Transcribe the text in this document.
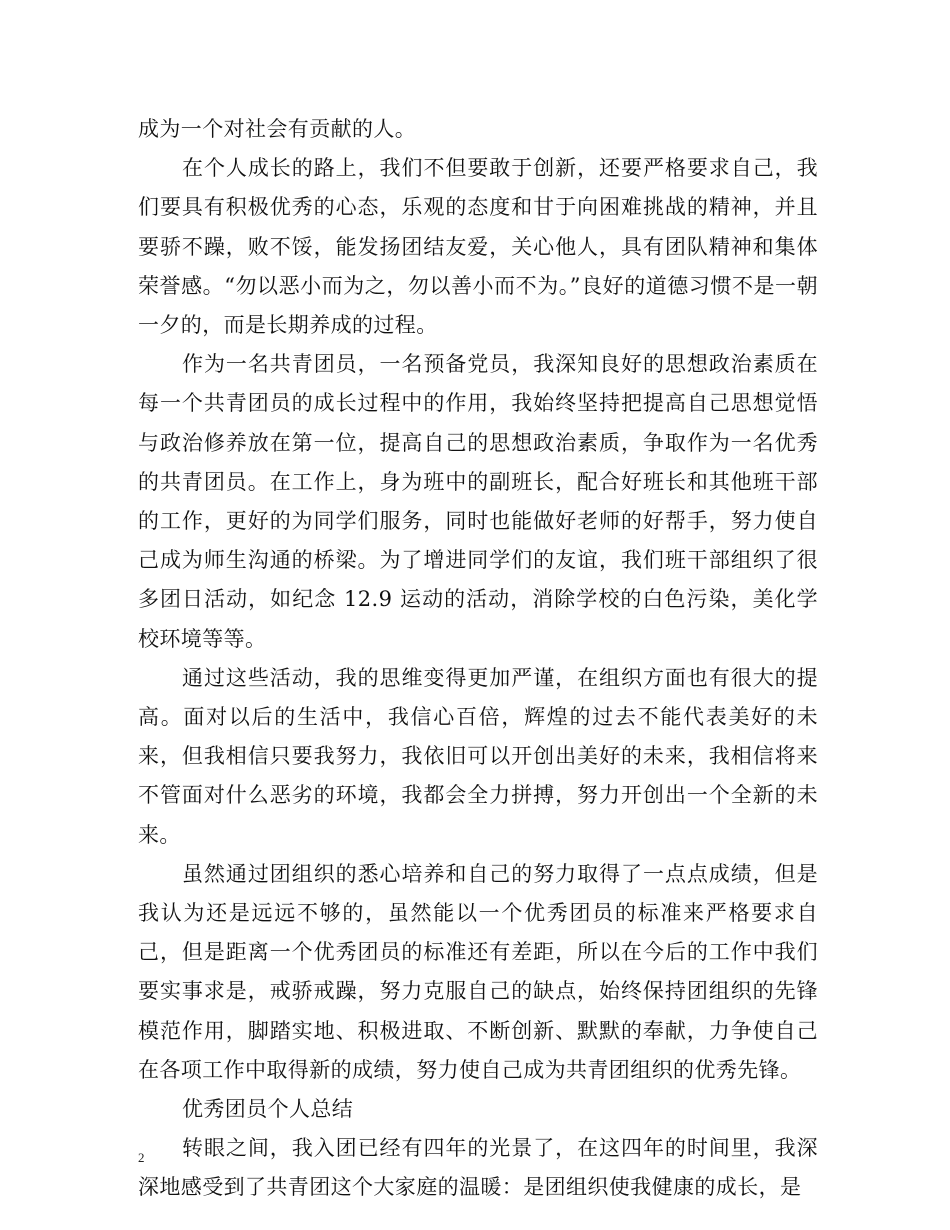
成为一个对社会有贡献的人。

在个人成长的路上，我们不但要敢于创新，还要严格要求自己，我们要具有积极优秀的心态，乐观的态度和甘于向困难挑战的精神，并且要骄不躁，败不馁，能发扬团结友爱，关心他人，具有团队精神和集体荣誉感。“勿以恶小而为之，勿以善小而不为。”良好的道德习惯不是一朝一夕的，而是长期养成的过程。

作为一名共青团员，一名预备党员，我深知良好的思想政治素质在每一个共青团员的成长过程中的作用，我始终坚持把提高自己思想觉悟与政治修养放在第一位，提高自己的思想政治素质，争取作为一名优秀的共青团员。在工作上，身为班中的副班长，配合好班长和其他班干部的工作，更好的为同学们服务，同时也能做好老师的好帮手，努力使自己成为师生沟通的桥梁。为了增进同学们的友谊，我们班干部组织了很多团日活动，如纪念 12.9 运动的活动，消除学校的白色污染，美化学校环境等等。

通过这些活动，我的思维变得更加严谨，在组织方面也有很大的提高。面对以后的生活中，我信心百倍，辉煌的过去不能代表美好的未来，但我相信只要我努力，我依旧可以开创出美好的未来，我相信将来不管面对什么恶劣的环境，我都会全力拼搏，努力开创出一个全新的未来。

虽然通过团组织的悉心培养和自己的努力取得了一点点成绩，但是我认为还是远远不够的，虽然能以一个优秀团员的标准来严格要求自己，但是距离一个优秀团员的标准还有差距，所以在今后的工作中我们要实事求是，戒骄戒躁，努力克服自己的缺点，始终保持团组织的先锋模范作用，脚踏实地、积极进取、不断创新、默默的奉献，力争使自己在各项工作中取得新的成绩，努力使自己成为共青团组织的优秀先锋。

优秀团员个人总结

转眼之间，我入团已经有四年的光景了，在这四年的时间里，我深深地感受到了共青团这个大家庭的温暖：是团组织使我健康的成长，是

2
